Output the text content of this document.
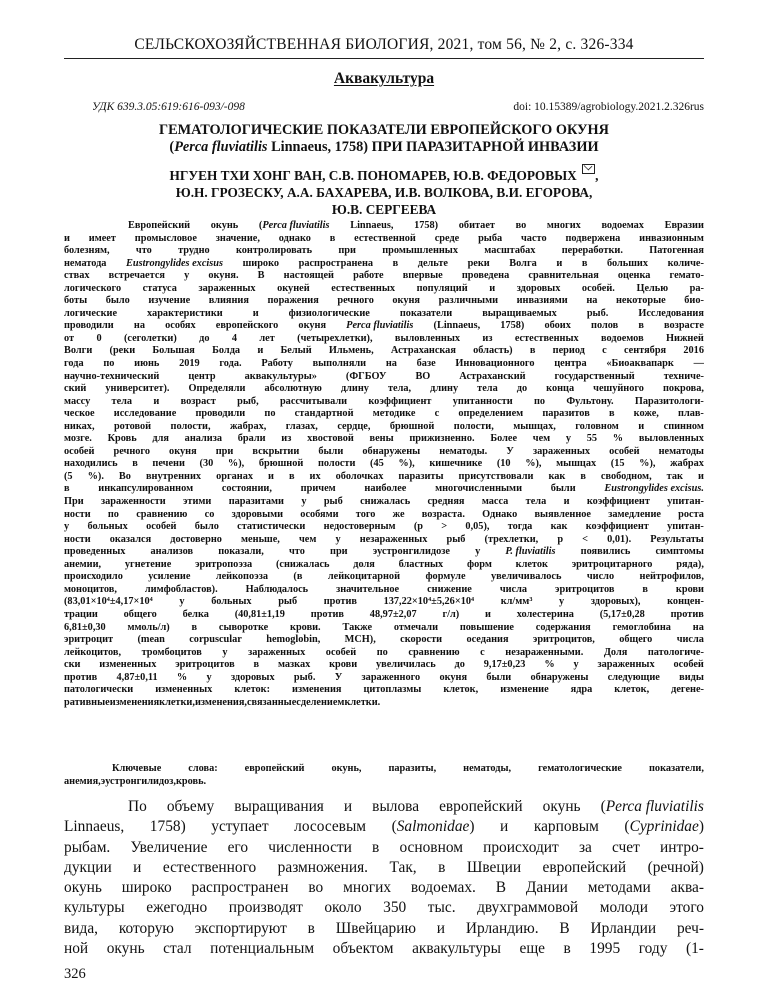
СЕЛЬСКОХОЗЯЙСТВЕННАЯ БИОЛОГИЯ, 2021, том 56, № 2, с. 326-334
Аквакультура
УДК 639.3.05:619:616-093/-098	doi: 10.15389/agrobiology.2021.2.326rus
ГЕМАТОЛОГИЧЕСКИЕ ПОКАЗАТЕЛИ ЕВРОПЕЙСКОГО ОКУНЯ
(Perca fluviatilis Linnaeus, 1758) ПРИ ПАРАЗИТАРНОЙ ИНВАЗИИ
НГУЕН ТХИ ХОНГ ВАН, С.В. ПОНОМАРЕВ, Ю.В. ФЕДОРОВЫХ ,
Ю.Н. ГРОЗЕСКУ, А.А. БАХАРЕВА, И.В. ВОЛКОВА, В.И. ЕГОРОВА,
Ю.В. СЕРГЕЕВА
Европейский окунь (Perca fluviatilis Linnaeus, 1758) обитает во многих водоемах Евразии
и имеет промысловое значение, однако в естественной среде рыба часто подвержена инвазионным
болезням,	что	трудно	контролировать	при	промышленных	масштабах	переработки.	Патогенная
нематода Eustrongylides excisus широко распространена в дельте реки Волга и в больших количе-
ствах встречается у окуня. В настоящей работе впервые проведена сравнительная оценка гемато-
логического статуса зараженных окуней естественных популяций и здоровых особей. Целью ра-
боты было изучение влияния поражения речного окуня различными инвазиями на некоторые био-
логические	характеристики	и	физиологические	показатели	выращиваемых	рыб.	Исследования
проводили на особях европейского окуня Perca fluviatilis (Linnaeus, 1758) обоих полов в возрасте
от 0 (сеголетки) до 4 лет (четырехлетки), выловленных из естественных водоемов Нижней
Волги (реки Большая Болда и Белый Ильмень, Астраханская область) в период с сентября 2016
года по июнь 2019 года. Работу выполняли на базе Инновационного центра «Биоаквапарк —
научно-технический	центр	аквакультуры»	(ФГБОУ	ВО	Астраханский	государственный	техниче-
ский университет). Определяли абсолютную длину тела, длину тела до конца чешуйного покрова,
массу тела и возраст рыб, рассчитывали коэффициент упитанности по Фультону. Паразитологи-
ческое исследование проводили по стандартной методике с определением паразитов в коже, плав-
никах, ротовой полости, жабрах, глазах, сердце, брюшной полости, мышцах, головном и спинном
мозге. Кровь для анализа брали из хвостовой вены прижизненно. Более чем у 55 % выловленных
особей речного окуня при вскрытии были обнаружены нематоды. У зараженных особей нематоды
находились в печени (30 %), брюшной полости (45 %), кишечнике (10 %), мышцах (15 %), жабрах
(5 %). Во внутренних органах и в их оболочках паразиты присутствовали как в свободном, так и
в	инкапсулированном	состоянии,	причем	наиболее	многочисленными	были	Eustrongylides excisus.
При зараженности этими паразитами у рыб снижалась средняя масса тела и коэффициент упитан-
ности по сравнению со здоровыми особями того же возраста. Однако выявленное замедление роста
у больных особей было статистически недостоверным (р > 0,05), тогда как коэффициент упитан-
ности оказался достоверно меньше, чем у незараженных рыб (трехлетки, р < 0,01). Результаты
проведенных анализов показали, что при эустронгилидозе у P. fluviatilis появились симптомы
анемии, угнетение эритропоэза (снижалась доля бластных форм клеток эритроцитарного ряда),
происходило усиление лейкопоэза (в лейкоцитарной формуле увеличивалось число нейтрофилов,
моноцитов,	лимфобластов).	Наблюдалось	значительное	снижение	числа	эритроцитов	в	крови
(83,01×10⁴±4,17×10⁴	у	больных	рыб	против	137,22×10⁴±5,26×10⁴	кл/мм³	у	здоровых),	концен-
трации	общего	белка	(40,81±1,19	против	48,97±2,07	г/л)	и	холестерина	(5,17±0,28	против
6,81±0,30 ммоль/л) в сыворотке крови. Также отмечали повышение содержания гемоглобина на
эритроцит (mean corpuscular hemoglobin, MCH), скорости оседания эритроцитов, общего числа
лейкоцитов, тромбоцитов у зараженных особей по сравнению с незараженными. Доля патологиче-
ски измененных эритроцитов в мазках крови увеличилась до 9,17±0,23 % у зараженных особей
против 4,87±0,11 % у здоровых рыб. У зараженного окуня были обнаружены следующие виды
патологически измененных клеток: изменения цитоплазмы клеток, изменение ядра клеток, дегене-
ративные изменения клетки, изменения, связанные с делением клетки.
Ключевые	слова:	европейский	окунь,	паразиты,	нематоды,	гематологические	показатели,
анемия, эустронгилидоз, кровь.
По объему выращивания и вылова европейский окунь (Perca fluviatilis
Linnaeus, 1758) уступает лососевым (Salmonidae) и карповым (Cyprinidae)
рыбам. Увеличение его численности в основном происходит за счет интро-
дукции и естественного размножения. Так, в Швеции европейский (речной)
окунь широко распространен во многих водоемах. В Дании методами аква-
культуры ежегодно производят около 350 тыс. двухграммовой молоди этого
вида, которую экспортируют в Швейцарию и Ирландию. В Ирландии реч-
ной окунь стал потенциальным объектом аквакультуры еще в 1995 году (1-
326
